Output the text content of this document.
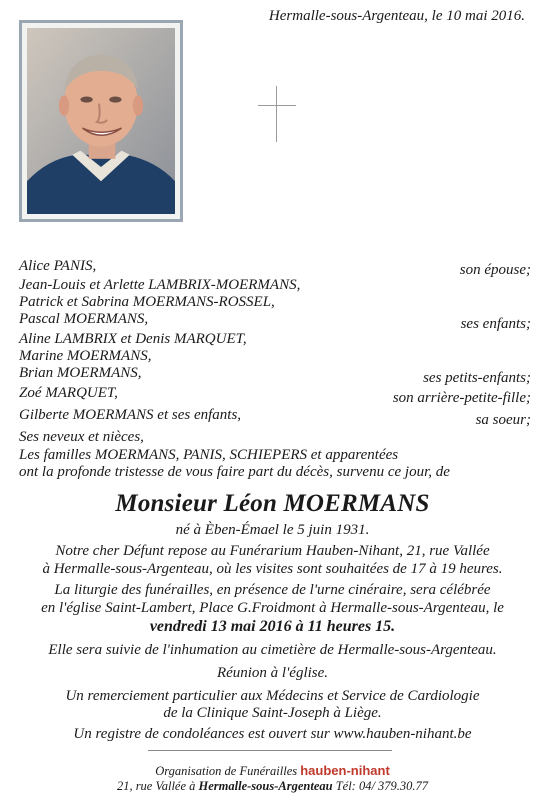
Hermalle-sous-Argenteau, le 10 mai 2016.
Alice PANIS,
Jean-Louis et Arlette LAMBRIX-MOERMANS,
Patrick et Sabrina MOERMANS-ROSSEL,
Pascal MOERMANS,
Aline LAMBRIX et Denis MARQUET,
Marine MOERMANS,
Brian MOERMANS,
Zoé MARQUET,
Gilberte MOERMANS et ses enfants,
Ses neveux et nièces,
Les familles MOERMANS, PANIS, SCHIEPERS et apparentées
son épouse;
ses enfants;
ses petits-enfants;
son arrière-petite-fille;
sa soeur;
ont la profonde tristesse de vous faire part du décès, survenu ce jour, de
Monsieur Léon MOERMANS
né à Èben-Émael le 5 juin 1931.
Notre cher Défunt repose au Funérarium Hauben-Nihant, 21, rue Vallée
à Hermalle-sous-Argenteau, où les visites sont souhaitées de 17 à 19 heures.
La liturgie des funérailles, en présence de l'urne cinéraire, sera célébrée
en l'église Saint-Lambert, Place G.Froidmont à Hermalle-sous-Argenteau, le
vendredi 13 mai 2016 à 11 heures 15.
Elle sera suivie de l'inhumation au cimetière de Hermalle-sous-Argenteau.
Réunion à l'église.
Un remerciement particulier aux Médecins et Service de Cardiologie
de la Clinique Saint-Joseph à Liège.
Un registre de condoléances est ouvert sur www.hauben-nihant.be
Organisation de Funérailles hauben-nihant
21, rue Vallée à Hermalle-sous-Argenteau Tél: 04/ 379.30.77
